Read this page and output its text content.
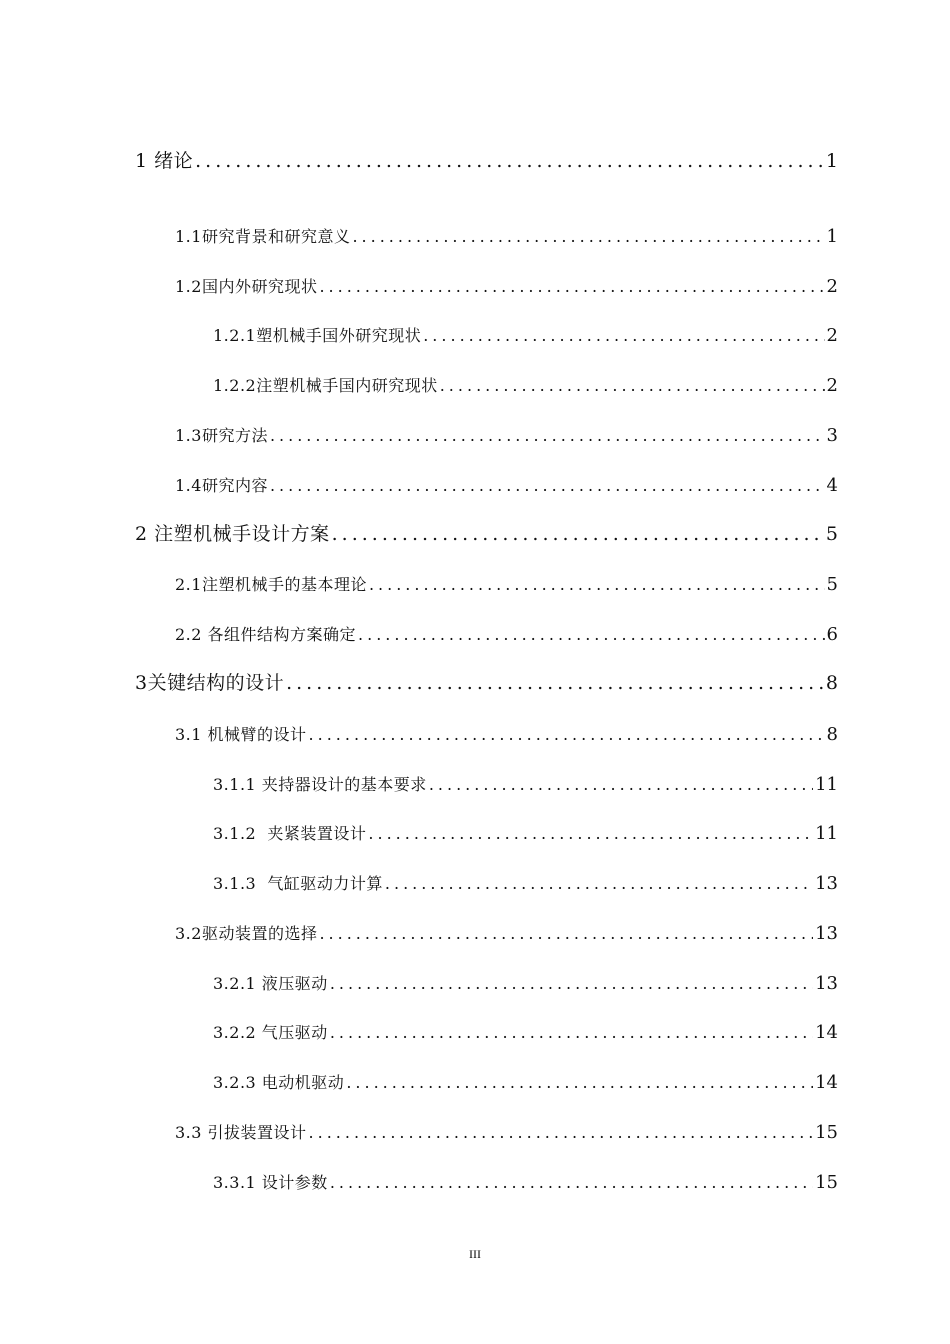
1 绪论 .....	1
1.1研究背景和研究意义 .....	1
1.2国内外研究现状 .....	2
1.2.1塑机械手国外研究现状 .....	2
1.2.2注塑机械手国内研究现状 .....	2
1.3研究方法 .....	3
1.4研究内容 .....	4
2 注塑机械手设计方案 .....	5
2.1注塑机械手的基本理论 .....	5
2.2 各组件结构方案确定 .....	6
3关键结构的设计 .....	8
3.1 机械臂的设计 .....	8
3.1.1 夹持器设计的基本要求 .....	11
3.1.2  夹紧装置设计 .....	11
3.1.3  气缸驱动力计算 .....	13
3.2驱动装置的选择 .....	13
3.2.1 液压驱动 .....	13
3.2.2 气压驱动 .....	14
3.2.3 电动机驱动 .....	14
3.3 引拔装置设计 .....	15
3.3.1 设计参数 .....	15
III
